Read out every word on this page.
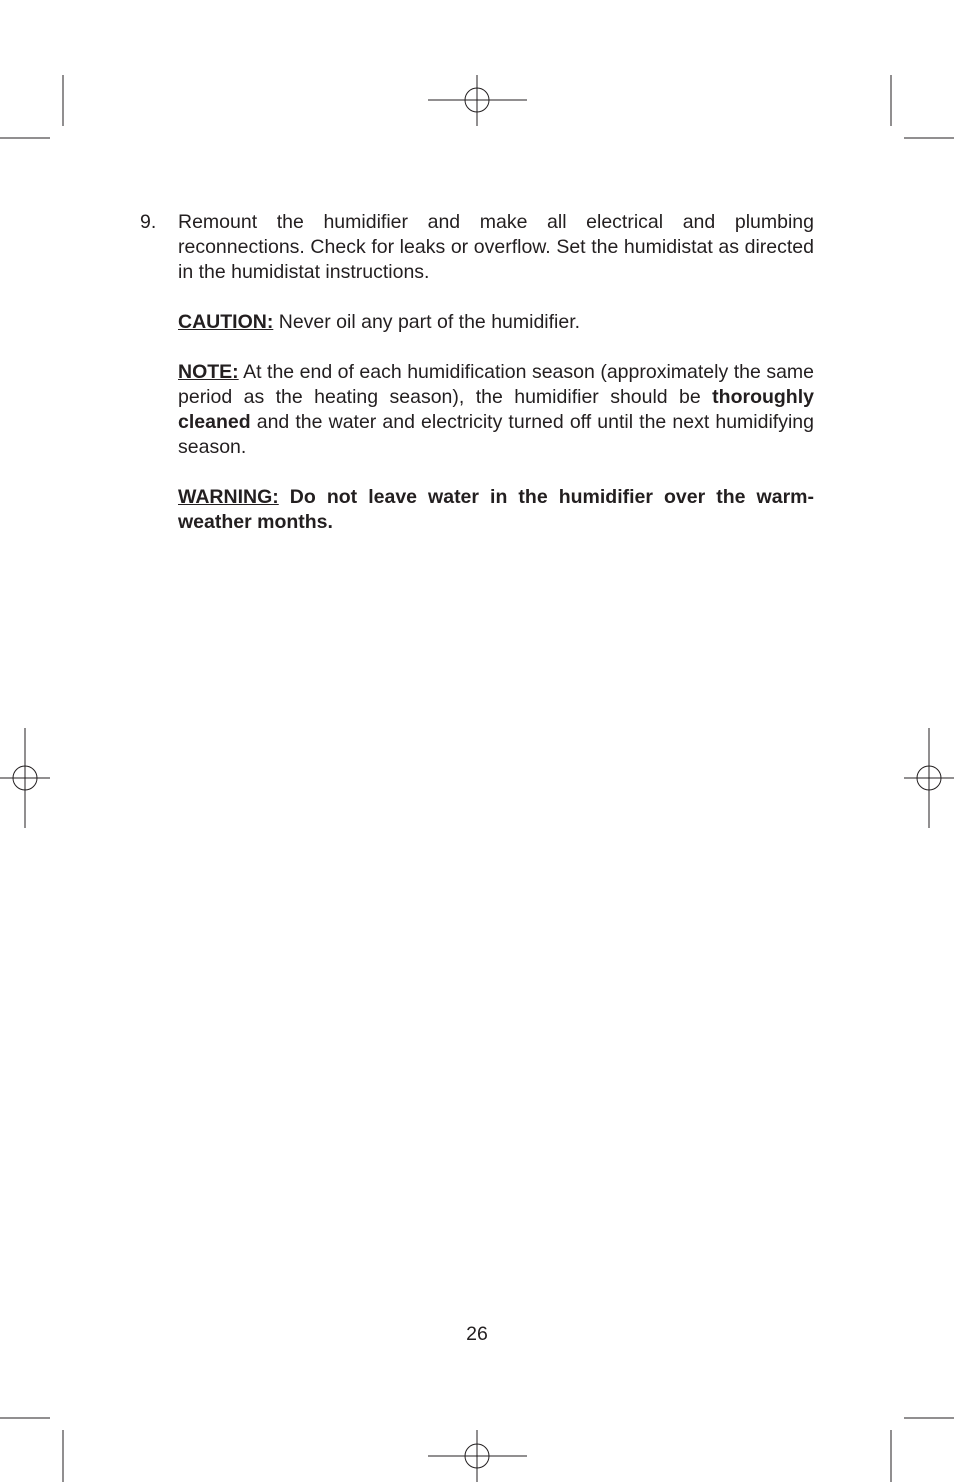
9. Remount the humidifier and make all electrical and plumbing reconnections. Check for leaks or overflow. Set the humidistat as directed in the humidistat instructions.

CAUTION: Never oil any part of the humidifier.

NOTE: At the end of each humidification season (approximately the same period as the heating season), the humidifier should be thoroughly cleaned and the water and electricity turned off until the next humidifying season.

WARNING: Do not leave water in the humidifier over the warm-weather months.

26
